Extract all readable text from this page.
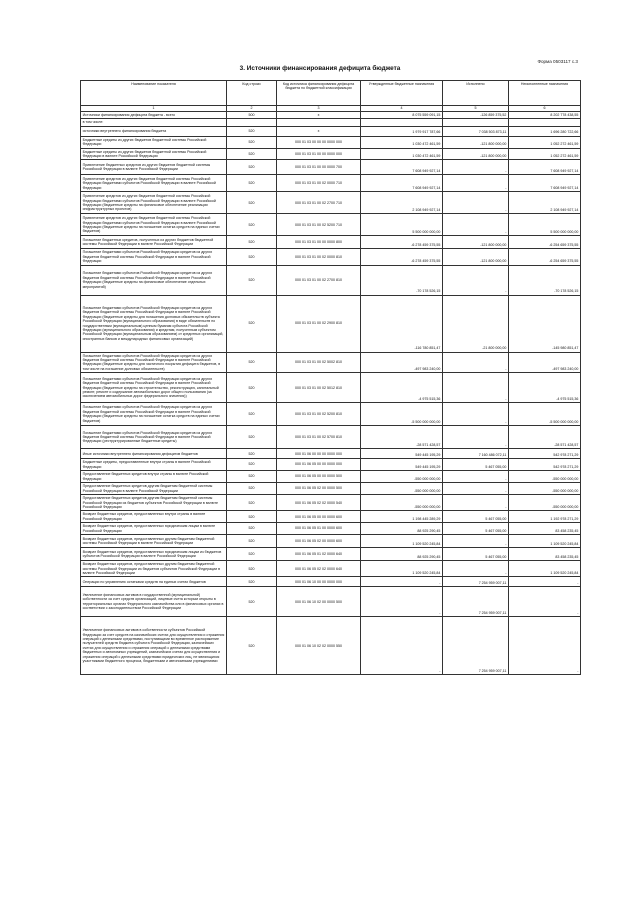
Форма 0503117 с.3
3. Источники финансирования дефицита бюджета
Наименование показателя	Код строки	Код источника финансирования дефицита бюджета по бюджетной классификации	Утвержденные бюджетные назначения	Исполнено	Неисполненные назначения
1	2	3	4	5	6
Источники финансирования дефицита бюджета - всего	500	x	8 075 559 091,15	-126 859 375,52	8 202 778 438,55
в том числе:					
источники внутреннего финансирования бюджета	520	x	1 979 917 787,66	7 038 503 873,11	1 696 280 722,66
Бюджетные кредиты из других бюджетов бюджетной системы Российской Федерации	520	000 01 03 00 00 00 0000 000	1 030 472 461,59	-121 800 000,00	1 052 272 461,59
Бюджетные кредиты из других бюджетов бюджетной системы Российской Федерации в валюте Российской Федерации	520	000 01 03 01 00 00 0000 000	1 030 472 461,59	-121 800 000,00	1 052 272 461,59
Привлечение бюджетных кредитов из других бюджетов бюджетной системы Российской Федерации в валюте Российской Федерации	520	000 01 03 01 00 00 0000 700	7 608 949 927,14	-	7 608 949 927,14
Привлечение кредитов из других бюджетов бюджетной системы Российской Федерации бюджетами субъектов Российской Федерации в валюте Российской Федерации	520	000 01 03 01 00 02 0000 710	7 608 949 927,14	-	7 608 949 927,14
Привлечение кредитов из других бюджетов бюджетной системы Российской Федерации бюджетами субъектов Российской Федерации в валюте Российской Федерации (бюджетные кредиты на финансовое обеспечение реализации инфраструктурных проектов)	520	000 01 03 01 00 02 2700 710	2 108 949 927,14	-	2 108 949 927,14
Привлечение кредитов из других бюджетов бюджетной системы Российской Федерации бюджетами субъектов Российской Федерации в валюте Российской Федерации (бюджетные кредиты на погашение остатка средств на единых счетах бюджетов)	520	000 01 03 01 00 02 5200 710	5 500 000 000,00	-	5 500 000 000,00
Погашение бюджетных кредитов, полученных из других бюджетов бюджетной системы Российской Федерации в валюте Российской Федерации	520	000 01 03 01 00 00 0000 800	-6 278 459 375,55	-121 800 000,00	-6 254 659 375,55
Погашение бюджетами субъектов Российской Федерации кредитов из других бюджетов бюджетной системы Российской Федерации в валюте Российской Федерации	520	000 01 03 01 00 02 0000 810	-6 278 459 375,55	-121 800 000,00	-6 254 659 375,55
Погашение бюджетами субъектов Российской Федерации кредитов из других бюджетов бюджетной системы Российской Федерации в валюте Российской Федерации (бюджетные кредиты на финансовое обеспечение отдельных мероприятий)	520	000 01 03 01 00 02 2700 810	-70 178 526,15	-	-70 178 526,15
Погашение бюджетами субъектов Российской Федерации кредитов из других бюджетов бюджетной системы Российской Федерации в валюте Российской Федерации (бюджетные кредиты для погашения долговых обязательств субъекта Российской Федерации (муниципального образования) в виде обязательств по государственным (муниципальным) ценным бумагам субъекта Российской Федерации (муниципального образования) и кредитам, полученным субъектом Российской Федерации (муниципальным образованием) от кредитных организаций, иностранных банков и международных финансовых организаций)	520	000 01 03 01 00 02 2900 810	-116 780 851,47	-21 800 000,00	-145 980 851,47
Погашение бюджетами субъектов Российской Федерации кредитов из других бюджетов бюджетной системы Российской Федерации в валюте Российской Федерации (бюджетные кредиты для частичного покрытия дефицита бюджетов, в том числе на погашение долговых обязательств)	520	000 01 03 01 00 02 5002 810	-497 983 240,00	-	-497 983 240,00
Погашение бюджетами субъектов Российской Федерации кредитов из других бюджетов бюджетной системы Российской Федерации в валюте Российской Федерации (бюджетные кредиты на строительство, реконструкцию, капитальный ремонт, ремонт и содержание автомобильных дорог общего пользования (за исключением автомобильных дорог федерального значения))	520	000 01 03 01 00 02 5012 810	-4 975 515,36	-	-4 975 515,36
Погашение бюджетами субъектов Российской Федерации кредитов из других бюджетов бюджетной системы Российской Федерации в валюте Российской Федерации (бюджетные кредиты на погашение остатка средств на единых счетах бюджетов)	520	000 01 03 01 00 02 5200 810	-5 500 000 000,00	-	-5 500 000 000,00
Погашение бюджетами субъектов Российской Федерации кредитов из других бюджетов бюджетной системы Российской Федерации в валюте Российской Федерации (реструктурированные бюджетные кредиты)	520	000 01 03 01 00 02 5700 810	-28 571 428,57	-	-28 571 428,57
Иные источники внутреннего финансирования дефицитов бюджетов	520	000 01 06 00 00 00 0000 000	549 445 195,29	7 160 486 072,11	542 978 271,29
Бюджетные кредиты, предоставленные внутри страны в валюте Российской Федерации	520	000 01 06 05 00 00 0000 000	549 445 195,29	5 467 055,00	542 978 271,29
Предоставление бюджетных кредитов внутри страны в валюте Российской Федерации	520	000 01 06 05 00 00 0000 500	-550 000 000,00	-	-550 000 000,00
Предоставление бюджетных кредитов другим бюджетам бюджетной системы Российской Федерации в валюте Российской Федерации	520	000 01 06 05 02 00 0000 500	-550 000 000,00	-	-550 000 000,00
Предоставление бюджетных кредитов другим бюджетам бюджетной системы Российской Федерации из бюджетов субъектов Российской Федерации в валюте Российской Федерации	520	000 01 06 05 02 02 0000 540	-550 000 000,00	-	-550 000 000,00
Возврат бюджетных кредитов, предоставленных внутри страны в валюте Российской Федерации	520	000 01 06 05 00 00 0000 600	1 198 445 289,29	5 467 055,00	1 192 978 271,29
Возврат бюджетных кредитов, предоставленных юридическим лицам в валюте Российской Федерации	520	000 01 06 05 01 00 0000 600	88 925 290,45	5 467 055,00	83 458 235,45
Возврат бюджетных кредитов, предоставленных другим бюджетам бюджетной системы Российской Федерации в валюте Российской Федерации	520	000 01 06 05 02 00 0000 600	1 109 520 245,84	-	1 109 520 245,84
Возврат бюджетных кредитов, предоставленных юридическим лицам из бюджетов субъектов Российской Федерации в валюте Российской Федерации	520	000 01 06 05 01 02 0000 640	88 925 290,45	5 467 055,00	83 458 235,45
Возврат бюджетных кредитов, предоставленных другим бюджетам бюджетной системы Российской Федерации из бюджетов субъектов Российской Федерации в валюте Российской Федерации	520	000 01 06 05 02 02 0000 640	1 109 520 245,84	-	1 109 520 245,84
Операции по управлению остатками средств на единых счетах бюджетов	520	000 01 06 10 00 00 0000 000	-	7 254 959 007,11	-
Увеличение финансовых активов в государственной (муниципальной) собственности за счет средств организаций, лицевые счета которым открыты в территориальных органах Федерального казначейства или в финансовых органах в соответствии с законодательством Российской Федерации	520	000 01 06 10 02 00 0000 500	-	7 254 959 007,11	-
Увеличение финансовых активов в собственности субъектов Российской Федерации за счет средств на казначейских счетах для осуществления и отражения операций с денежными средствами, поступающими во временное распоряжение получателей средств бюджета субъекта Российской Федерации, казначейских счетах для осуществления и отражения операций с денежными средствами бюджетных и автономных учреждений, казначейских счетах для осуществления и отражения операций с денежными средствами юридических лиц, не являющихся участниками бюджетного процесса, бюджетными и автономными учреждениями	520	000 01 06 10 02 02 0000 550	-	7 254 959 007,11	-
